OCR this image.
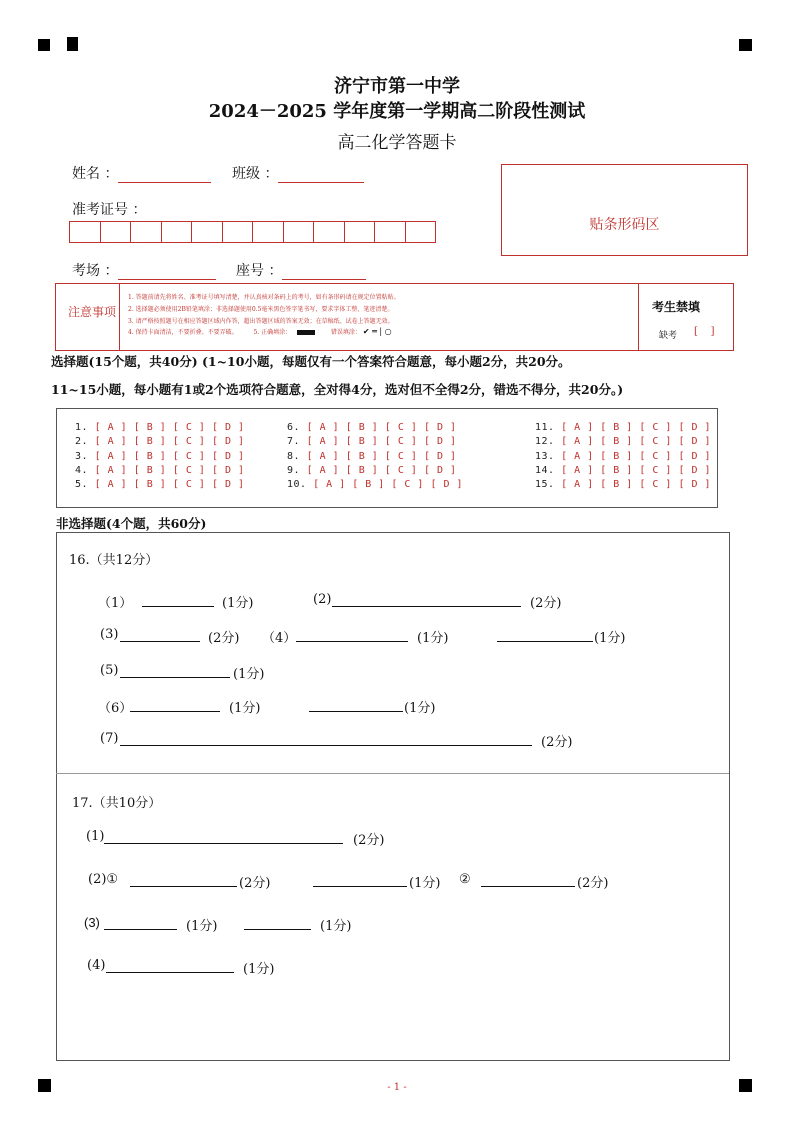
济宁市第一中学
2024－2025 学年度第一学期高二阶段性测试
高二化学答题卡
姓名 ：	班级 ：
准考证号 ：
考场 ：	座号 ：
贴条形码区
注意事项
1. 答题前请先将姓名、准考证号填写清楚，并认真核对条码上的考号，如有条形码请在规定位置粘贴。
2. 选择题必须使用2B铅笔填涂；非选择题使用0.5毫米黑色签字笔书写，要求字体工整、笔迹清楚。
3. 请严格按照题号在相应答题区域内作答，超出答题区域的答案无效；在草稿纸、试卷上答题无效。
4. 保持卡面清洁，不要折叠、不要弄破。	5. 正确填涂：	错误填涂： ✔ ═ | ○
考生禁填
缺考 [    ]
选择题(15个题，共40分) (1~10小题，每题仅有一个答案符合题意，每小题2分，共20分。
11~15小题，每小题有1或2个选项符合题意，全对得4分，选对但不全得2分，错选不得分，共20分。)
1. [ A ] [ B ] [ C ] [ D ]
2. [ A ] [ B ] [ C ] [ D ]
3. [ A ] [ B ] [ C ] [ D ]
4. [ A ] [ B ] [ C ] [ D ]
5. [ A ] [ B ] [ C ] [ D ]
6. [ A ] [ B ] [ C ] [ D ]
7. [ A ] [ B ] [ C ] [ D ]
8. [ A ] [ B ] [ C ] [ D ]
9. [ A ] [ B ] [ C ] [ D ]
10. [ A ] [ B ] [ C ] [ D ]
11. [ A ] [ B ] [ C ] [ D ]
12. [ A ] [ B ] [ C ] [ D ]
13. [ A ] [ B ] [ C ] [ D ]
14. [ A ] [ B ] [ C ] [ D ]
15. [ A ] [ B ] [ C ] [ D ]
非选择题(4个题，共60分)
16.（共12分）
（1）	(1分)	(2)	(2分)
(3)	(2分) （4）	(1分)	(1分)
(5)	(1分)
（6）	(1分)	(1分)
(7)	(2分)
17.（共10分）
(1)	(2分)
(2)①	(2分)	(1分) ②	(2分)
(3)	(1分)	(1分)
(4)	(1分)
- 1 -
